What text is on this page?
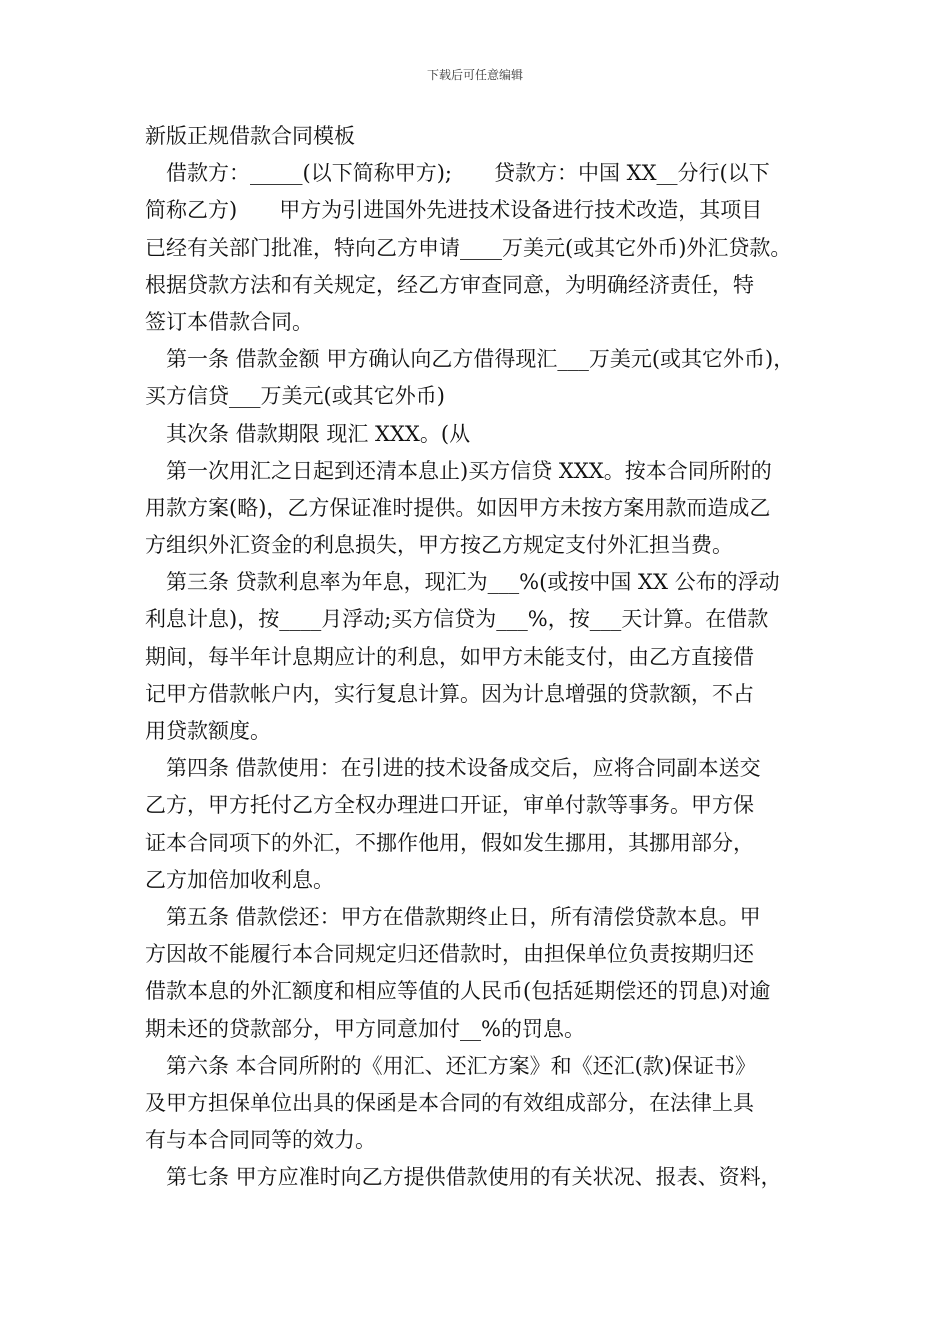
下载后可任意编辑
新版正规借款合同模板
借款方：_____(以下简称甲方);　　贷款方：中国 XX__分行(以下
简称乙方)　　甲方为引进国外先进技术设备进行技术改造，其项目
已经有关部门批准，特向乙方申请____万美元(或其它外币)外汇贷款。
根据贷款方法和有关规定，经乙方审查同意，为明确经济责任，特
签订本借款合同。
第一条 借款金额 甲方确认向乙方借得现汇___万美元(或其它外币)，
买方信贷___万美元(或其它外币)
其次条 借款期限 现汇 XXX。(从
第一次用汇之日起到还清本息止)买方信贷 XXX。按本合同所附的
用款方案(略)，乙方保证准时提供。如因甲方未按方案用款而造成乙
方组织外汇资金的利息损失，甲方按乙方规定支付外汇担当费。
第三条 贷款利息率为年息，现汇为___%(或按中国 XX 公布的浮动
利息计息)，按____月浮动;买方信贷为___%，按___天计算。在借款
期间，每半年计息期应计的利息，如甲方未能支付，由乙方直接借
记甲方借款帐户内，实行复息计算。因为计息增强的贷款额，不占
用贷款额度。
第四条 借款使用：在引进的技术设备成交后，应将合同副本送交
乙方，甲方托付乙方全权办理进口开证，审单付款等事务。甲方保
证本合同项下的外汇，不挪作他用，假如发生挪用，其挪用部分，
乙方加倍加收利息。
第五条 借款偿还：甲方在借款期终止日，所有清偿贷款本息。甲
方因故不能履行本合同规定归还借款时，由担保单位负责按期归还
借款本息的外汇额度和相应等值的人民币(包括延期偿还的罚息)对逾
期未还的贷款部分，甲方同意加付__%的罚息。
第六条 本合同所附的《用汇、还汇方案》和《还汇(款)保证书》
及甲方担保单位出具的保函是本合同的有效组成部分，在法律上具
有与本合同同等的效力。
第七条 甲方应准时向乙方提供借款使用的有关状况、报表、资料，
